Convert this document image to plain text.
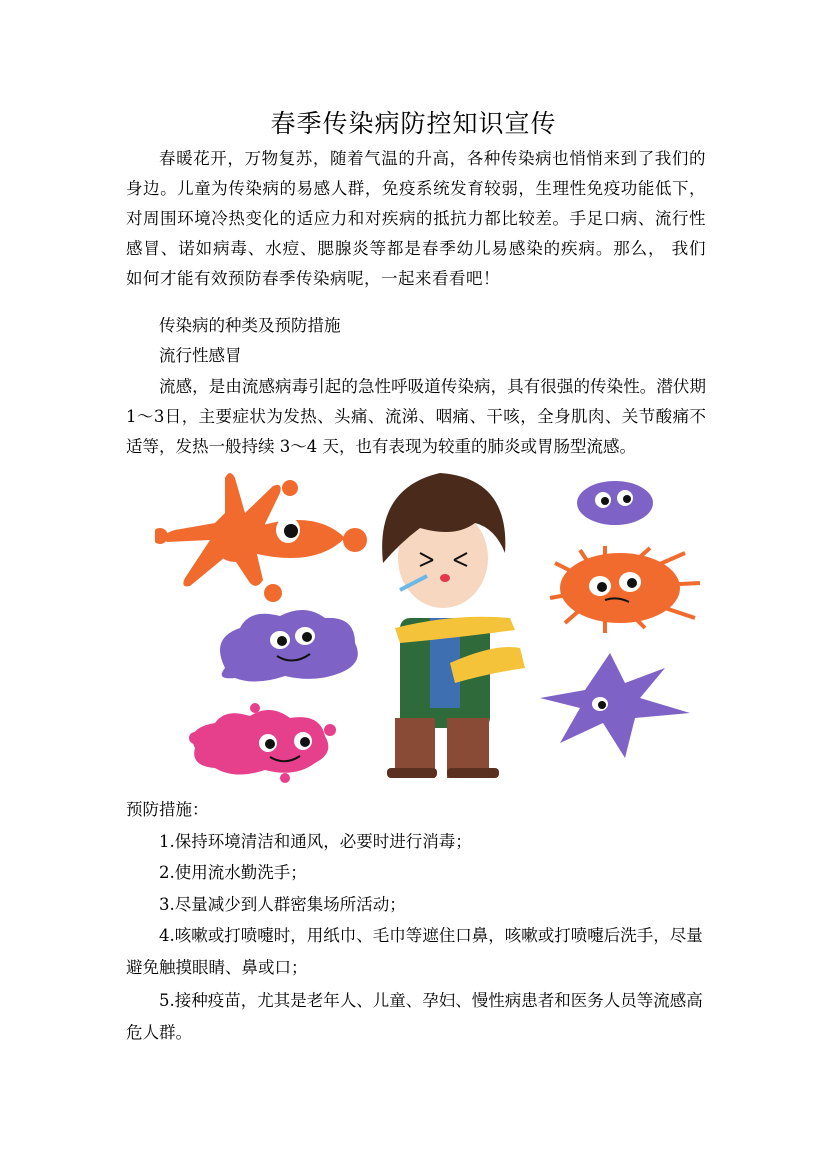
春季传染病防控知识宣传
春暖花开，万物复苏，随着气温的升高，各种传染病也悄悄来到了我们的身边。儿童为传染病的易感人群，免疫系统发育较弱，生理性免疫功能低下，对周围环境冷热变化的适应力和对疾病的抵抗力都比较差。手足口病、流行性感冒、诺如病毒、水痘、腮腺炎等都是春季幼儿易感染的疾病。那么， 我们如何才能有效预防春季传染病呢，一起来看看吧！
传染病的种类及预防措施
流行性感冒
流感，是由流感病毒引起的急性呼吸道传染病，具有很强的传染性。潜伏期1～3日，主要症状为发热、头痛、流涕、咽痛、干咳，全身肌肉、关节酸痛不适等，发热一般持续 3～4 天，也有表现为较重的肺炎或胃肠型流感。

预防措施：

1.保持环境清洁和通风，必要时进行消毒；

2.使用流水勤洗手；

3.尽量减少到人群密集场所活动；

4.咳嗽或打喷嚏时，用纸巾、毛巾等遮住口鼻，咳嗽或打喷嚏后洗手，尽量避免触摸眼睛、鼻或口；

5.接种疫苗，尤其是老年人、儿童、孕妇、慢性病患者和医务人员等流感高危人群。
